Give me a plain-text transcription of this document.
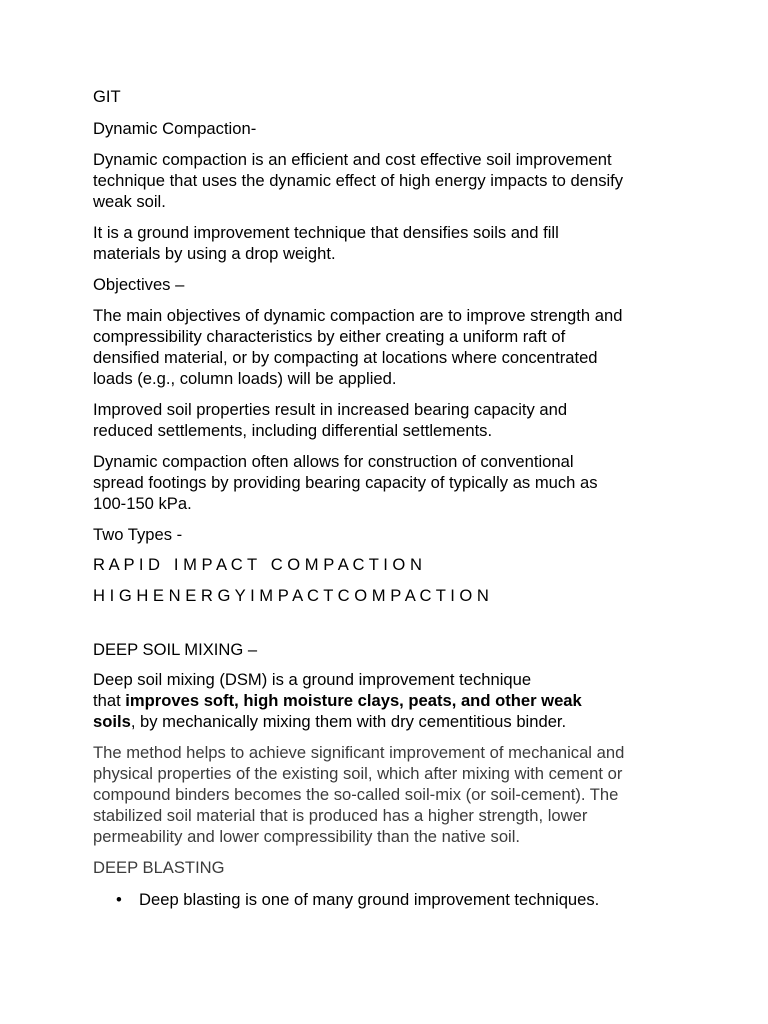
GIT

Dynamic Compaction-

Dynamic compaction is an efficient and cost effective soil improvement

technique that uses the dynamic effect of high energy impacts to densify

weak soil.

It is a ground improvement technique that densifies soils and fill

materials by using a drop weight.

Objectives –

The main objectives of dynamic compaction are to improve strength and

compressibility characteristics by either creating a uniform raft of

densified material, or by compacting at locations where concentrated

loads (e.g., column loads) will be applied.

Improved soil properties result in increased bearing capacity and

reduced settlements, including differential settlements.

Dynamic compaction often allows for construction of conventional

spread footings by providing bearing capacity of typically as much as

100-150 kPa.

Two Types -

R A P I D   I M P A C T   C O M P A C T I O N

H I G H E N E R G Y I M P A C T C O M P A C T I O N

DEEP SOIL MIXING –

Deep soil mixing (DSM) is a ground improvement technique

that improves soft, high moisture clays, peats, and other weak

soils, by mechanically mixing them with dry cementitious binder.

The method helps to achieve significant improvement of mechanical and

physical properties of the existing soil, which after mixing with cement or

compound binders becomes the so-called soil-mix (or soil-cement). The

stabilized soil material that is produced has a higher strength, lower

permeability and lower compressibility than the native soil.

DEEP BLASTING

• Deep blasting is one of many ground improvement techniques.
